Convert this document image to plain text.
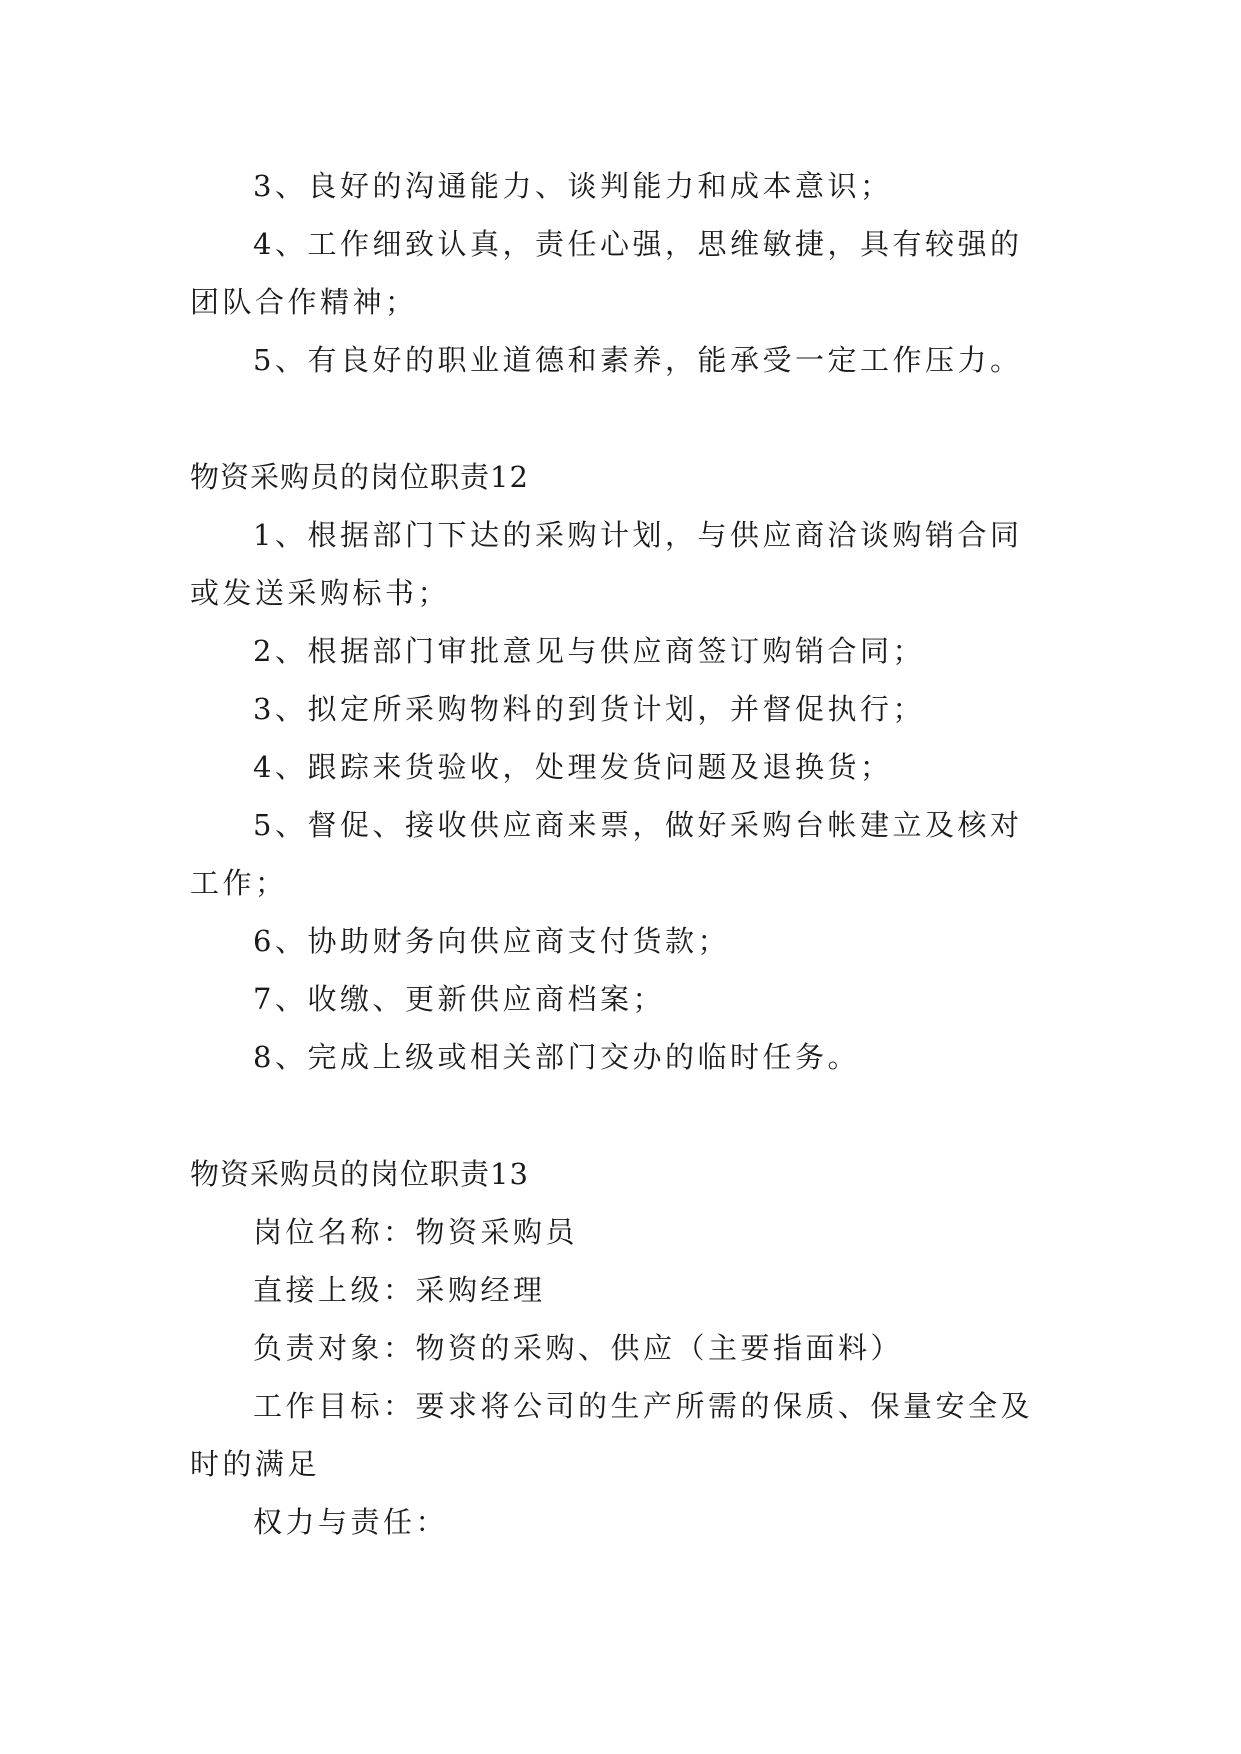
3、良好的沟通能力、谈判能力和成本意识；
4、工作细致认真，责任心强，思维敏捷，具有较强的
团队合作精神；
5、有良好的职业道德和素养，能承受一定工作压力。
物资采购员的岗位职责12
1、根据部门下达的采购计划，与供应商洽谈购销合同
或发送采购标书；
2、根据部门审批意见与供应商签订购销合同；
3、拟定所采购物料的到货计划，并督促执行；
4、跟踪来货验收，处理发货问题及退换货；
5、督促、接收供应商来票，做好采购台帐建立及核对
工作；
6、协助财务向供应商支付货款；
7、收缴、更新供应商档案；
8、完成上级或相关部门交办的临时任务。
物资采购员的岗位职责13
岗位名称：物资采购员
直接上级：采购经理
负责对象：物资的采购、供应（主要指面料）
工作目标：要求将公司的生产所需的保质、保量安全及
时的满足
权力与责任：
